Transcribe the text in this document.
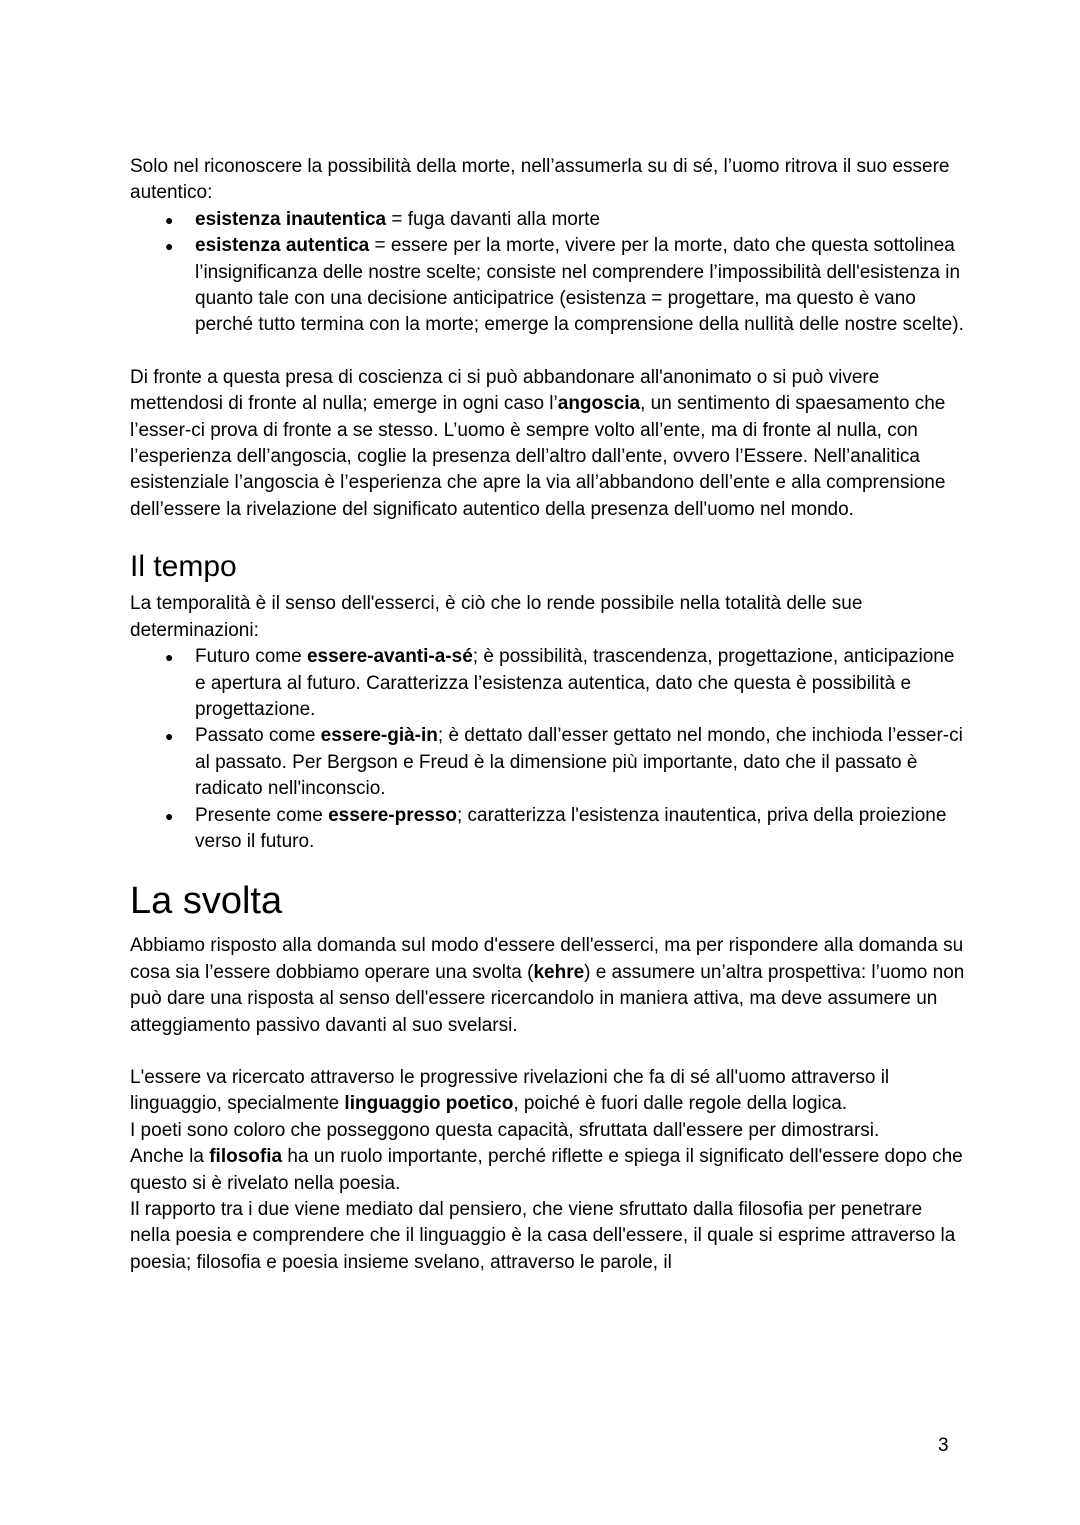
Solo nel riconoscere la possibilità della morte, nell’assumerla su di sé, l’uomo ritrova il suo essere autentico:

● esistenza inautentica = fuga davanti alla morte
● esistenza autentica = essere per la morte, vivere per la morte, dato che questa sottolinea l’insignificanza delle nostre scelte; consiste nel comprendere l’impossibilità dell'esistenza in quanto tale con una decisione anticipatrice (esistenza = progettare, ma questo è vano perché tutto termina con la morte; emerge la comprensione della nullità delle nostre scelte).

Di fronte a questa presa di coscienza ci si può abbandonare all'anonimato o si può vivere mettendosi di fronte al nulla; emerge in ogni caso l’angoscia, un sentimento di spaesamento che l’esser-ci prova di fronte a se stesso. L’uomo è sempre volto all’ente, ma di fronte al nulla, con l’esperienza dell’angoscia, coglie la presenza dell’altro dall’ente, ovvero l’Essere. Nell’analitica esistenziale l’angoscia è l’esperienza che apre la via all’abbandono dell’ente e alla comprensione dell’essere la rivelazione del significato autentico della presenza dell'uomo nel mondo.

Il tempo

La temporalità è il senso dell'esserci, è ciò che lo rende possibile nella totalità delle sue determinazioni:

● Futuro come essere-avanti-a-sé; è possibilità, trascendenza, progettazione, anticipazione e apertura al futuro. Caratterizza l’esistenza autentica, dato che questa è possibilità e progettazione.
● Passato come essere-già-in; è dettato dall’esser gettato nel mondo, che inchioda l’esser-ci al passato. Per Bergson e Freud è la dimensione più importante, dato che il passato è radicato nell'inconscio.
● Presente come essere-presso; caratterizza l'esistenza inautentica, priva della proiezione verso il futuro.
La svolta

Abbiamo risposto alla domanda sul modo d'essere dell'esserci, ma per rispondere alla domanda su cosa sia l’essere dobbiamo operare una svolta (kehre) e assumere un’altra prospettiva: l’uomo non può dare una risposta al senso dell'essere ricercandolo in maniera attiva, ma deve assumere un atteggiamento passivo davanti al suo svelarsi.

L'essere va ricercato attraverso le progressive rivelazioni che fa di sé all'uomo attraverso il linguaggio, specialmente linguaggio poetico, poiché è fuori dalle regole della logica.

I poeti sono coloro che posseggono questa capacità, sfruttata dall'essere per dimostrarsi.

Anche la filosofia ha un ruolo importante, perché riflette e spiega il significato dell'essere dopo che questo si è rivelato nella poesia.

Il rapporto tra i due viene mediato dal pensiero, che viene sfruttato dalla filosofia per penetrare nella poesia e comprendere che il linguaggio è la casa dell'essere, il quale si esprime attraverso la poesia; filosofia e poesia insieme svelano, attraverso le parole, il

3
